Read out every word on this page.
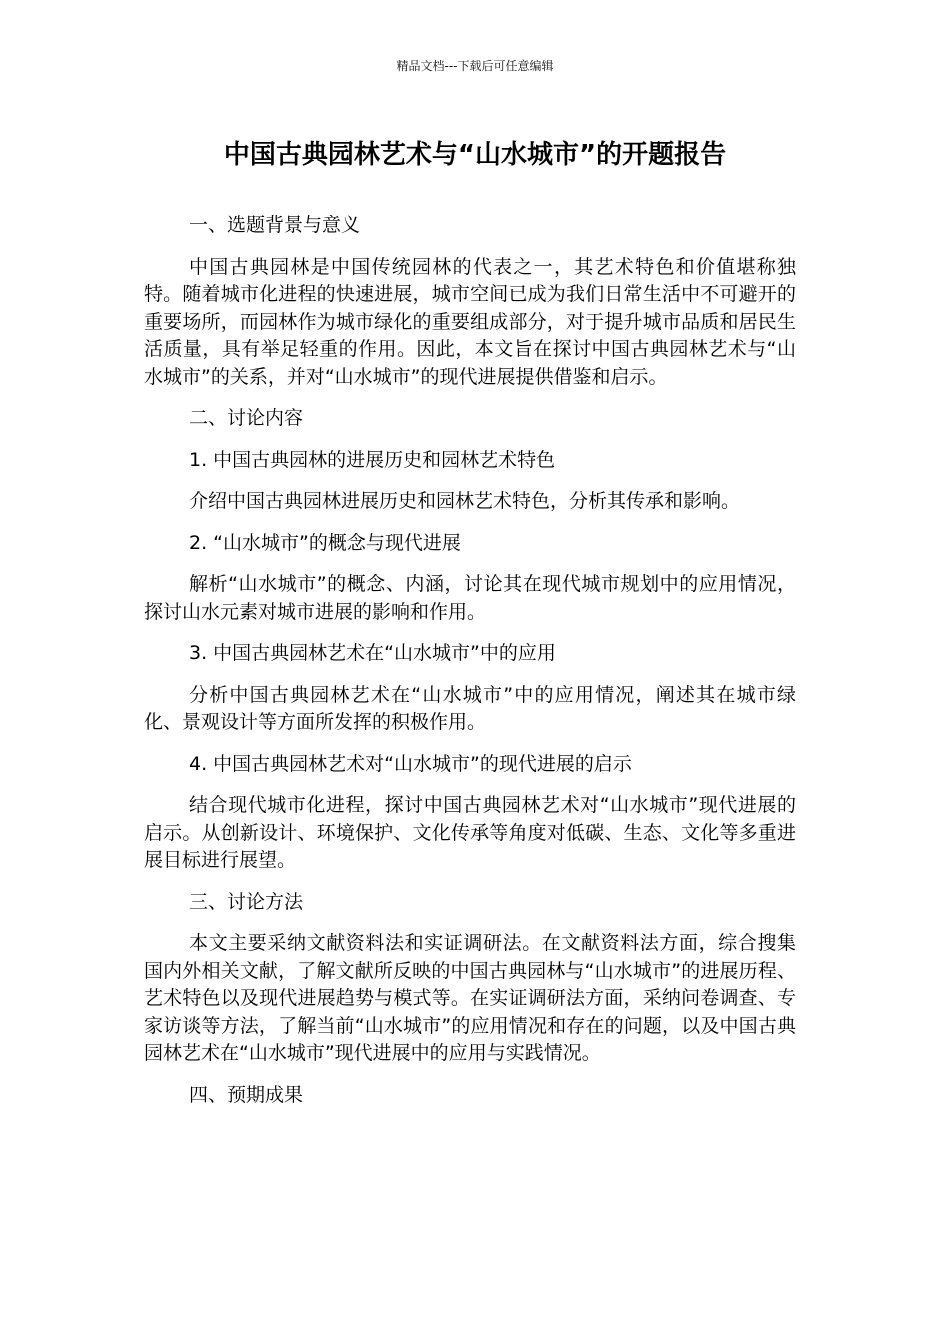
精品文档---下载后可任意编辑
中国古典园林艺术与“山水城市”的开题报告

一、选题背景与意义

中国古典园林是中国传统园林的代表之一，其艺术特色和价值堪称独特。随着城市化进程的快速进展，城市空间已成为我们日常生活中不可避开的重要场所，而园林作为城市绿化的重要组成部分，对于提升城市品质和居民生活质量，具有举足轻重的作用。因此，本文旨在探讨中国古典园林艺术与“山水城市”的关系，并对“山水城市”的现代进展提供借鉴和启示。

二、讨论内容

1. 中国古典园林的进展历史和园林艺术特色

介绍中国古典园林进展历史和园林艺术特色，分析其传承和影响。

2. “山水城市”的概念与现代进展

解析“山水城市”的概念、内涵，讨论其在现代城市规划中的应用情况，探讨山水元素对城市进展的影响和作用。

3. 中国古典园林艺术在“山水城市”中的应用

分析中国古典园林艺术在“山水城市”中的应用情况，阐述其在城市绿化、景观设计等方面所发挥的积极作用。

4. 中国古典园林艺术对“山水城市”的现代进展的启示

结合现代城市化进程，探讨中国古典园林艺术对“山水城市”现代进展的启示。从创新设计、环境保护、文化传承等角度对低碳、生态、文化等多重进展目标进行展望。

三、讨论方法

本文主要采纳文献资料法和实证调研法。在文献资料法方面，综合搜集国内外相关文献，了解文献所反映的中国古典园林与“山水城市”的进展历程、艺术特色以及现代进展趋势与模式等。在实证调研法方面，采纳问卷调查、专家访谈等方法，了解当前“山水城市”的应用情况和存在的问题，以及中国古典园林艺术在“山水城市”现代进展中的应用与实践情况。

四、预期成果
